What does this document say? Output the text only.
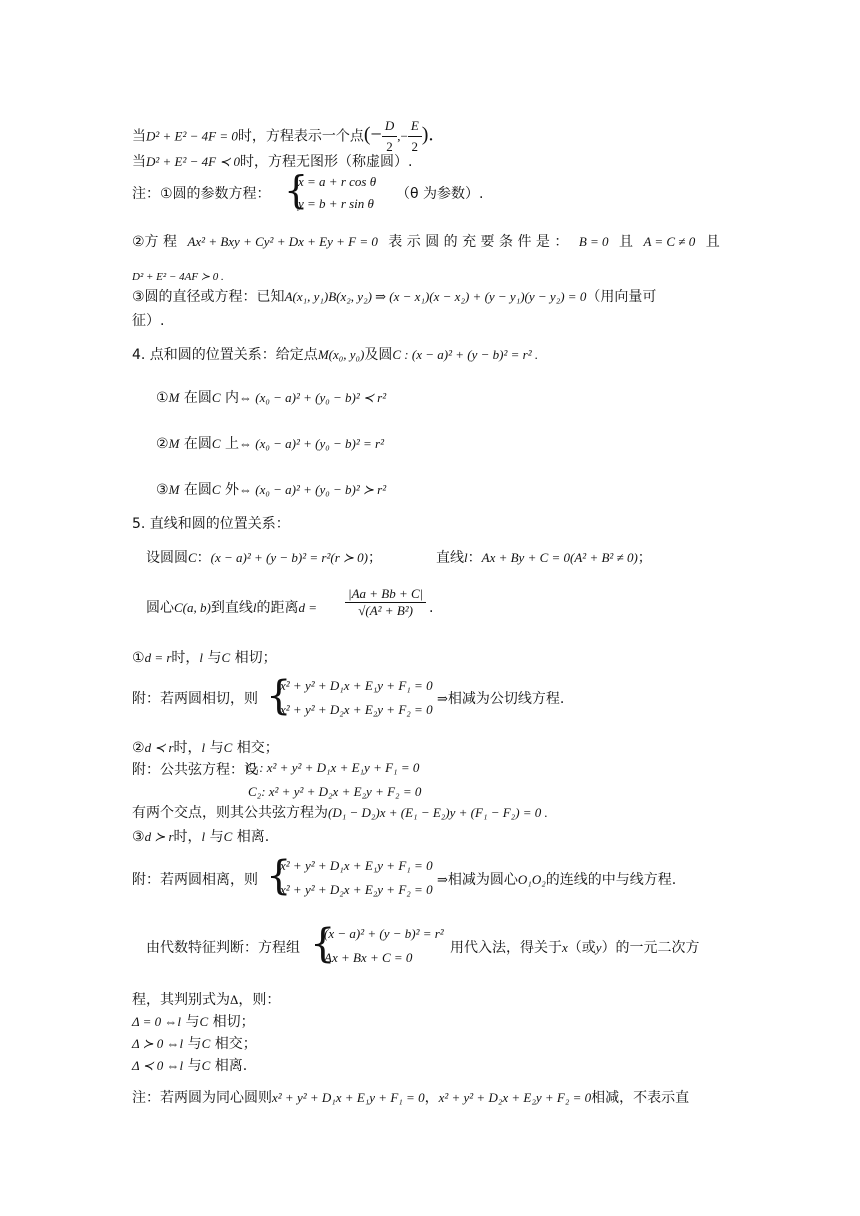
当D² + E² − 4F = 0时，方程表示一个点(− $\frac{D}{2}$ ,− $\frac{E}{2}$ ).
当D² + E² − 4F ≺ 0时，方程无图形（称虚圆）.
注：①圆的参数方程： {
x = a + r cos θ
y = b + r sin θ
（θ 为参数）.
②方 程 Ax² + Bxy + Cy² + Dx + Ey + F = 0 表 示 圆 的 充 要 条 件 是 ： B = 0 且 A = C ≠ 0 且
D² + E² − 4AF ≻ 0 .
③圆的直径或方程：已知A(x₁, y₁)B(x₂, y₂) ⇒ (x − x₁)(x − x₂) + (y − y₁)(y − y₂) = 0（用向量可
征）.
4. 点和圆的位置关系：给定点M(x₀, y₀)及圆C : (x − a)² + (y − b)² = r² .
①M 在圆C 内⇔ (x₀ − a)² + (y₀ − b)² ≺ r²
②M 在圆C 上⇔ (x₀ − a)² + (y₀ − b)² = r²
③M 在圆C 外⇔ (x₀ − a)² + (y₀ − b)² ≻ r²
5. 直线和圆的位置关系：
设圆圆C：(x − a)² + (y − b)² = r²(r ≻ 0)；	直线l：Ax + By + C = 0(A² + B² ≠ 0)；
圆心C(a, b)到直线l的距离$d = \frac{|Aa + Bb + C|}{\text{√(A² + B²)}}$ .
①d = r时，l 与C 相切；
附：若两圆相切，则 {
x² + y² + D₁x + E₁y + F₁ = 0
x² + y² + D₂x + E₂y + F₂ = 0
⇒相减为公切线方程.
②d ≺ r时，l 与C 相交；
附：公共弦方程：设
C₁: x² + y² + D₁x + E₁y + F₁ = 0
C₂: x² + y² + D₂x + E₂y + F₂ = 0
有两个交点，则其公共弦方程为(D₁ − D₂)x + (E₁ − E₂)y + (F₁ − F₂) = 0 .
③d ≻ r时，l 与C 相离.
附：若两圆相离，则 {
x² + y² + D₁x + E₁y + F₁ = 0
x² + y² + D₂x + E₂y + F₂ = 0
⇒相减为圆心O₁O₂的连线的中与线方程.
由代数特征判断：方程组 {
(x − a)² + (y − b)² = r²
Ax + Bx + C = 0
用代入法，得关于x（或y）的一元二次方
程，其判别式为Δ，则：
Δ = 0 ⇔l 与C 相切；
Δ ≻ 0 ⇔l 与C 相交；
Δ ≺ 0 ⇔l 与C 相离.
注：若两圆为同心圆则x² + y² + D₁x + E₁y + F₁ = 0，x² + y² + D₂x + E₂y + F₂ = 0相减，不表示直
